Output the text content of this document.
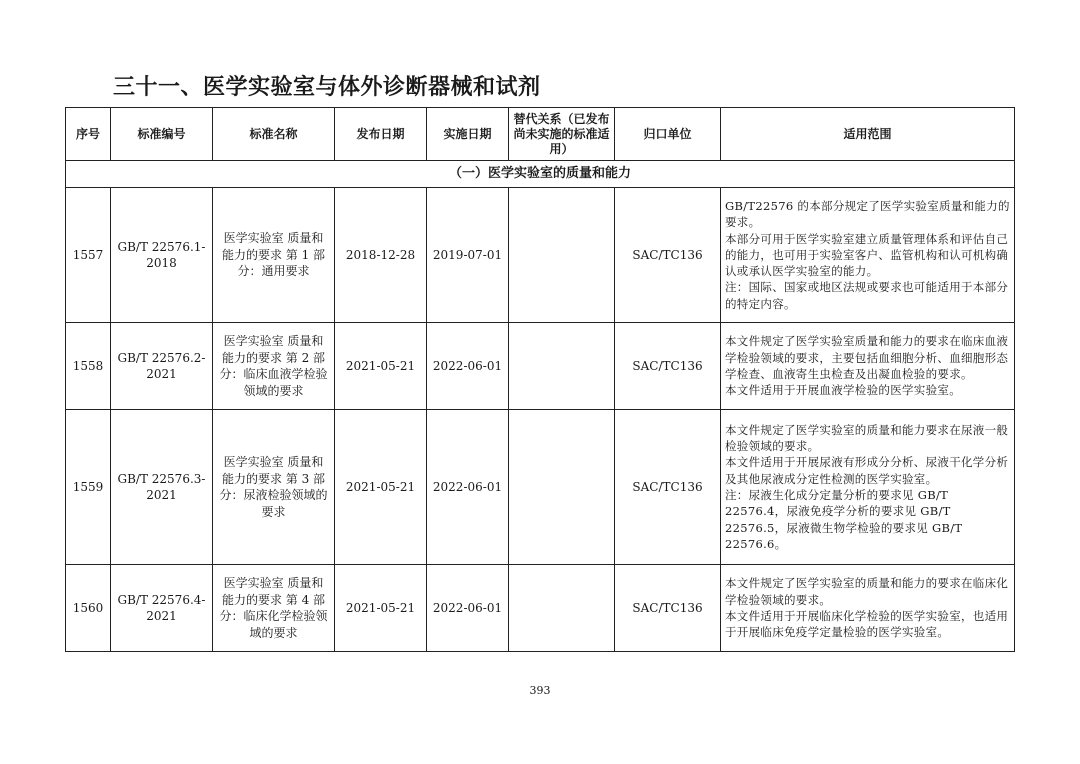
三十一、医学实验室与体外诊断器械和试剂
序号	标准编号	标准名称	发布日期	实施日期	替代关系（已发布尚未实施的标准适用）	归口单位	适用范围
（一）医学实验室的质量和能力							
1557	GB/T 22576.1-2018	医学实验室 质量和能力的要求 第 1 部分：通用要求	2018-12-28	2019-07-01		SAC/TC136	GB/T22576 的本部分规定了医学实验室质量和能力的要求。
本部分可用于医学实验室建立质量管理体系和评估自己的能力，也可用于实验室客户、监管机构和认可机构确认或承认医学实验室的能力。
注：国际、国家或地区法规或要求也可能适用于本部分的特定内容。
1558	GB/T 22576.2-2021	医学实验室 质量和能力的要求 第 2 部分：临床血液学检验领域的要求	2021-05-21	2022-06-01		SAC/TC136	本文件规定了医学实验室质量和能力的要求在临床血液学检验领域的要求，主要包括血细胞分析、血细胞形态学检查、血液寄生虫检查及出凝血检验的要求。
本文件适用于开展血液学检验的医学实验室。
1559	GB/T 22576.3-2021	医学实验室 质量和能力的要求 第 3 部分：尿液检验领域的要求	2021-05-21	2022-06-01		SAC/TC136	本文件规定了医学实验室的质量和能力要求在尿液一般检验领域的要求。
本文件适用于开展尿液有形成分分析、尿液干化学分析及其他尿液成分定性检测的医学实验室。
注：尿液生化成分定量分析的要求见 GB/T 22576.4，尿液免疫学分析的要求见 GB/T 22576.5，尿液微生物学检验的要求见 GB/T 22576.6。
1560	GB/T 22576.4-2021	医学实验室 质量和能力的要求 第 4 部分：临床化学检验领域的要求	2021-05-21	2022-06-01		SAC/TC136	本文件规定了医学实验室的质量和能力的要求在临床化学检验领域的要求。
本文件适用于开展临床化学检验的医学实验室，也适用于开展临床免疫学定量检验的医学实验室。
393
